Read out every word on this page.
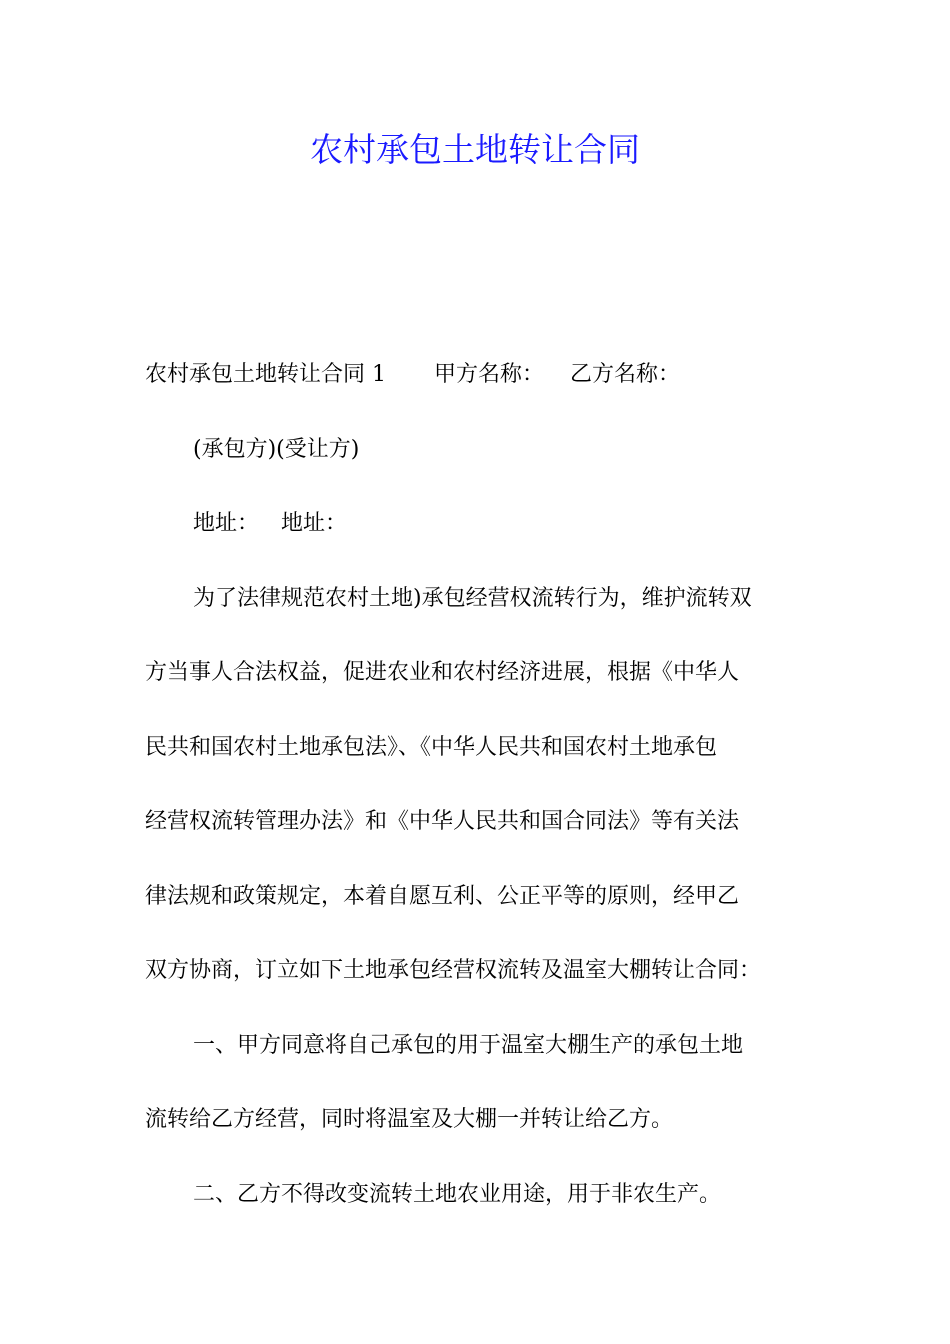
农村承包土地转让合同
农村承包土地转让合同 1 甲方名称： 乙方名称：
(承包方)(受让方)
地址： 地址：
为了法律规范农村土地)承包经营权流转行为，维护流转双
方当事人合法权益，促进农业和农村经济进展，根据《中华人
民共和国农村土地承包法》、《中华人民共和国农村土地承包
经营权流转管理办法》和《中华人民共和国合同法》等有关法
律法规和政策规定，本着自愿互利、公正平等的原则，经甲乙
双方协商，订立如下土地承包经营权流转及温室大棚转让合同：
一、甲方同意将自己承包的用于温室大棚生产的承包土地
流转给乙方经营，同时将温室及大棚一并转让给乙方。
二、乙方不得改变流转土地农业用途，用于非农生产。
